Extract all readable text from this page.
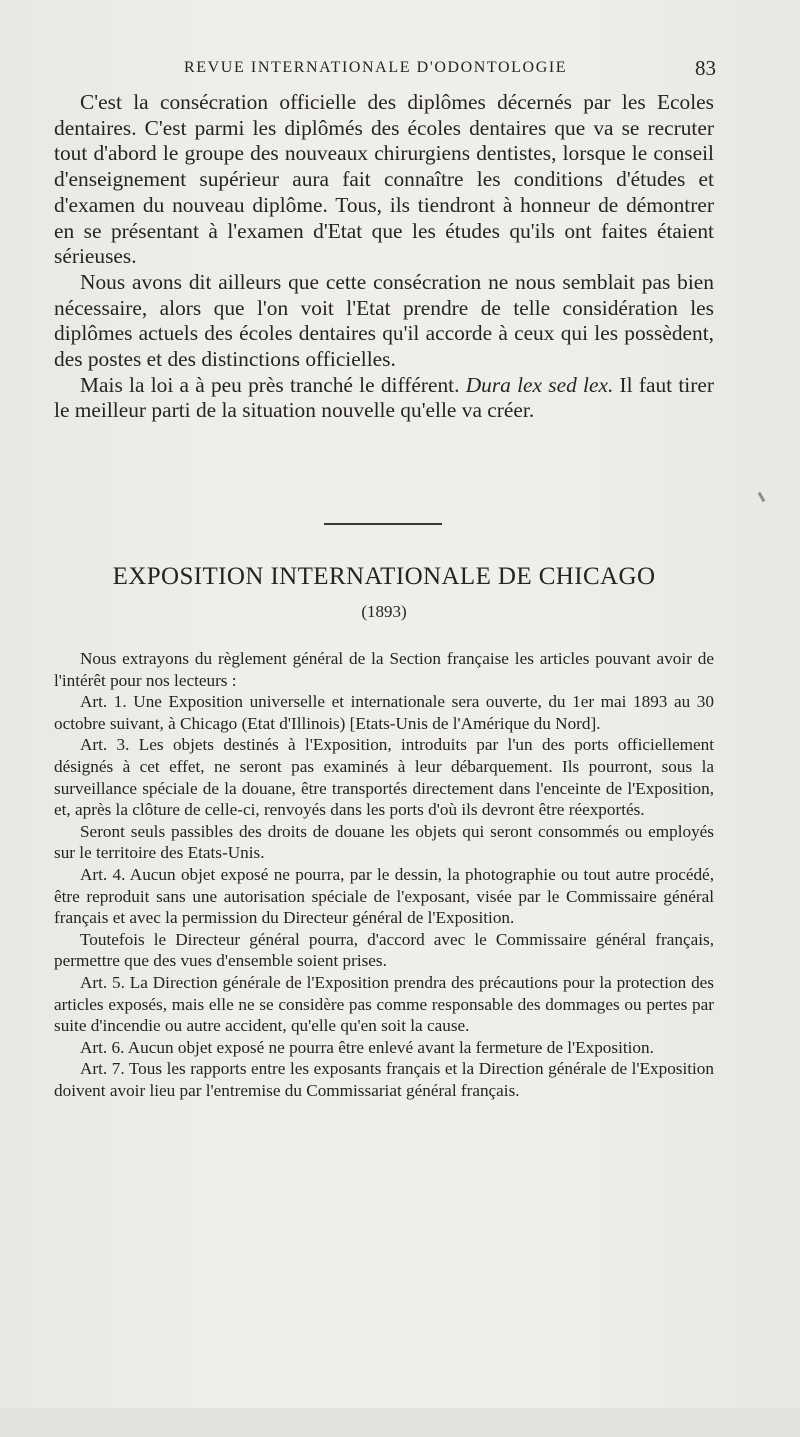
REVUE INTERNATIONALE D'ODONTOLOGIE	83

C'est la consécration officielle des diplômes décernés par les Ecoles dentaires. C'est parmi les diplômés des écoles dentaires que va se recruter tout d'abord le groupe des nouveaux chirurgiens dentistes, lorsque le conseil d'enseignement supérieur aura fait connaître les conditions d'études et d'examen du nouveau diplôme. Tous, ils tiendront à honneur de démontrer en se présentant à l'examen d'Etat que les études qu'ils ont faites étaient sérieuses.

Nous avons dit ailleurs que cette consécration ne nous semblait pas bien nécessaire, alors que l'on voit l'Etat prendre de telle considération les diplômes actuels des écoles dentaires qu'il accorde à ceux qui les possèdent, des postes et des distinctions officielles.

Mais la loi a à peu près tranché le différent. Dura lex sed lex. Il faut tirer le meilleur parti de la situation nouvelle qu'elle va créer.

EXPOSITION INTERNATIONALE DE CHICAGO
(1893)

Nous extrayons du règlement général de la Section française les articles pouvant avoir de l'intérêt pour nos lecteurs :

Art. 1. Une Exposition universelle et internationale sera ouverte, du 1er mai 1893 au 30 octobre suivant, à Chicago (Etat d'Illinois) [Etats-Unis de l'Amérique du Nord].

Art. 3. Les objets destinés à l'Exposition, introduits par l'un des ports officiellement désignés à cet effet, ne seront pas examinés à leur débarquement. Ils pourront, sous la surveillance spéciale de la douane, être transportés directement dans l'enceinte de l'Exposition, et, après la clôture de celle-ci, renvoyés dans les ports d'où ils devront être réexportés.

Seront seuls passibles des droits de douane les objets qui seront consommés ou employés sur le territoire des Etats-Unis.

Art. 4. Aucun objet exposé ne pourra, par le dessin, la photographie ou tout autre procédé, être reproduit sans une autorisation spéciale de l'exposant, visée par le Commissaire général français et avec la permission du Directeur général de l'Exposition.

Toutefois le Directeur général pourra, d'accord avec le Commissaire général français, permettre que des vues d'ensemble soient prises.

Art. 5. La Direction générale de l'Exposition prendra des précautions pour la protection des articles exposés, mais elle ne se considère pas comme responsable des dommages ou pertes par suite d'incendie ou autre accident, qu'elle qu'en soit la cause.

Art. 6. Aucun objet exposé ne pourra être enlevé avant la fermeture de l'Exposition.

Art. 7. Tous les rapports entre les exposants français et la Direction générale de l'Exposition doivent avoir lieu par l'entremise du Commissariat général français.
